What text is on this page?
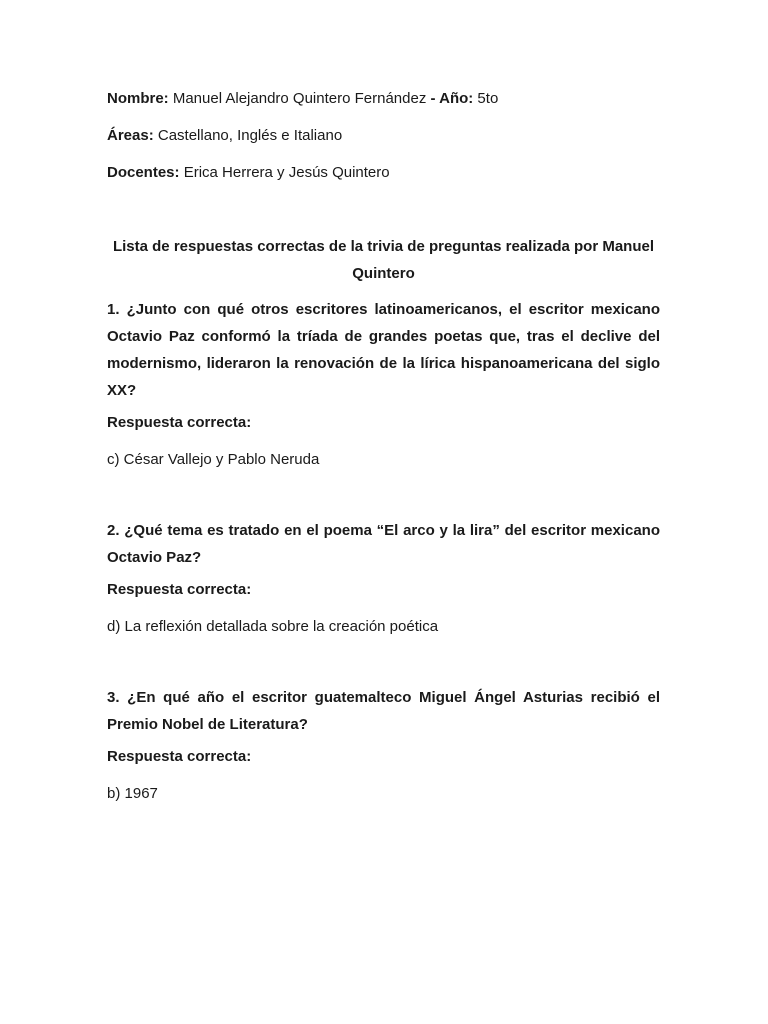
Nombre: Manuel Alejandro Quintero Fernández - Año: 5to

Áreas: Castellano, Inglés e Italiano

Docentes: Erica Herrera y Jesús Quintero

Lista de respuestas correctas de la trivia de preguntas realizada por Manuel Quintero

1. ¿Junto con qué otros escritores latinoamericanos, el escritor mexicano Octavio Paz conformó la tríada de grandes poetas que, tras el declive del modernismo, lideraron la renovación de la lírica hispanoamericana del siglo XX?

Respuesta correcta:

c) César Vallejo y Pablo Neruda

2. ¿Qué tema es tratado en el poema “El arco y la lira” del escritor mexicano Octavio Paz?

Respuesta correcta:

d) La reflexión detallada sobre la creación poética

3. ¿En qué año el escritor guatemalteco Miguel Ángel Asturias recibió el Premio Nobel de Literatura?

Respuesta correcta:

b) 1967
